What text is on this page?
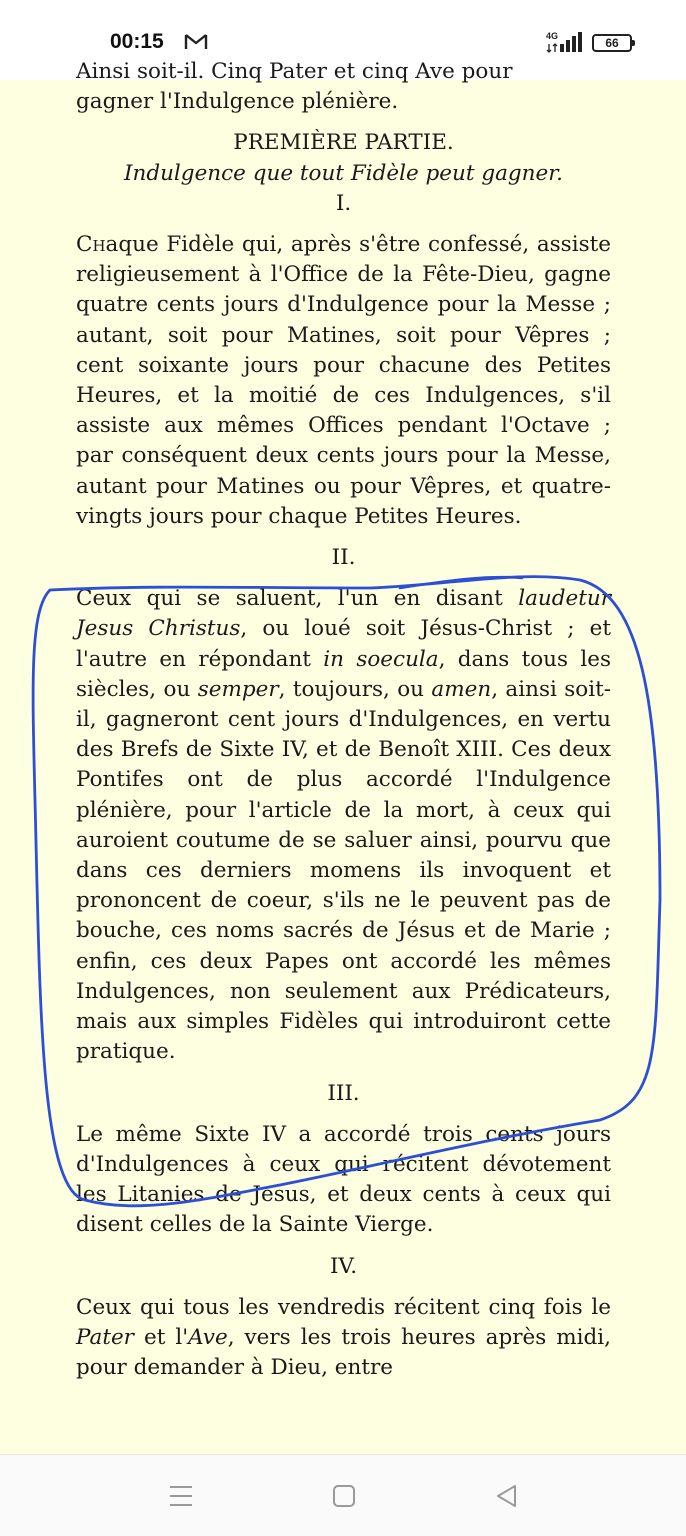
00:15	4G	66

Ainsi soit-il. Cinq Pater et cinq Ave pour

gagner l'Indulgence plénière.

PREMIÈRE PARTIE.

Indulgence que tout Fidèle peut gagner.

I.

Chaque Fidèle qui, après s'être confessé, assiste religieusement à l'Office de la Fête-Dieu, gagne quatre cents jours d'Indulgence pour la Messe ; autant, soit pour Matines, soit pour Vêpres ; cent soixante jours pour chacune des Petites Heures, et la moitié de ces Indulgences, s'il assiste aux mêmes Offices pendant l'Octave ; par conséquent deux cents jours pour la Messe, autant pour Matines ou pour Vêpres, et quatre-vingts jours pour chaque Petites Heures.

II.

Ceux qui se saluent, l'un en disant laudetur Jesus Christus, ou loué soit Jésus-Christ ; et l'autre en répondant in soecula, dans tous les siècles, ou semper, toujours, ou amen, ainsi soit-il, gagneront cent jours d'Indulgences, en vertu des Brefs de Sixte IV, et de Benoît XIII. Ces deux Pontifes ont de plus accordé l'Indulgence plénière, pour l'article de la mort, à ceux qui auroient coutume de se saluer ainsi, pourvu que dans ces derniers momens ils invoquent et prononcent de coeur, s'ils ne le peuvent pas de bouche, ces noms sacrés de Jésus et de Marie ; enfin, ces deux Papes ont accordé les mêmes Indulgences, non seulement aux Prédicateurs, mais aux simples Fidèles qui introduiront cette pratique.

III.

Le même Sixte IV a accordé trois cents jours d'Indulgences à ceux qui récitent dévotement les Litanies de Jesus, et deux cents à ceux qui disent celles de la Sainte Vierge.

IV.

Ceux qui tous les vendredis récitent cinq fois le Pater et l'Ave, vers les trois heures après midi, pour demander à Dieu, entre
